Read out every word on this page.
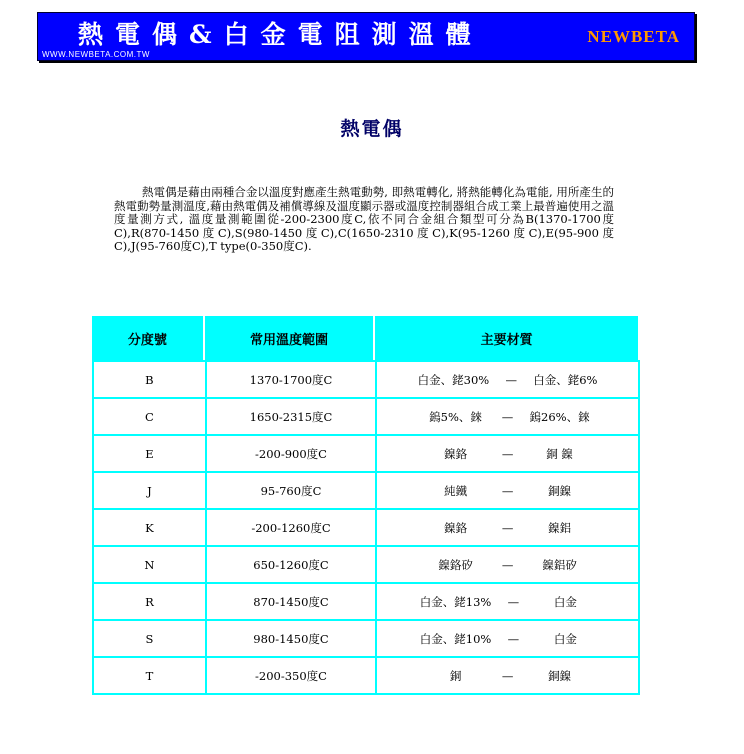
熱電偶&白金電阻測溫體	NEWBETA
WWW.NEWBETA.COM.TW
熱電偶
熱電偶是藉由兩種合金以溫度對應產生熱電動勢, 即熱電轉化, 將熱能轉化為電能, 用所產生的熱電動勢量測溫度,藉由熱電偶及補償導線及溫度顯示器或溫度控制器組合成工業上最普遍使用之溫度量測方式, 溫度量測範圍從-200-2300度C,依不同合金組合類型可分為B(1370-1700度C),R(870-1450度C),S(980-1450度C),C(1650-2310度C),K(95-1260度C),E(95-900度C),J(95-760度C),T type(0-350度C).
分度號	常用溫度範圍	主要材質
B	1370-1700度C	白金、銠30% — 白金、銠6%

C	1650-2315度C	鎢5%、錸 — 鎢26%、錸

E	-200-900度C	鎳鉻 — 銅 鎳

J	95-760度C	純鐵 — 銅鎳

K	-200-1260度C	鎳鉻 — 鎳鋁

N	650-1260度C	鎳鉻矽 — 鎳鋁矽

R	870-1450度C	白金、銠13% — 白金

S	980-1450度C	白金、銠10% — 白金

T	-200-350度C	銅 — 銅鎳
